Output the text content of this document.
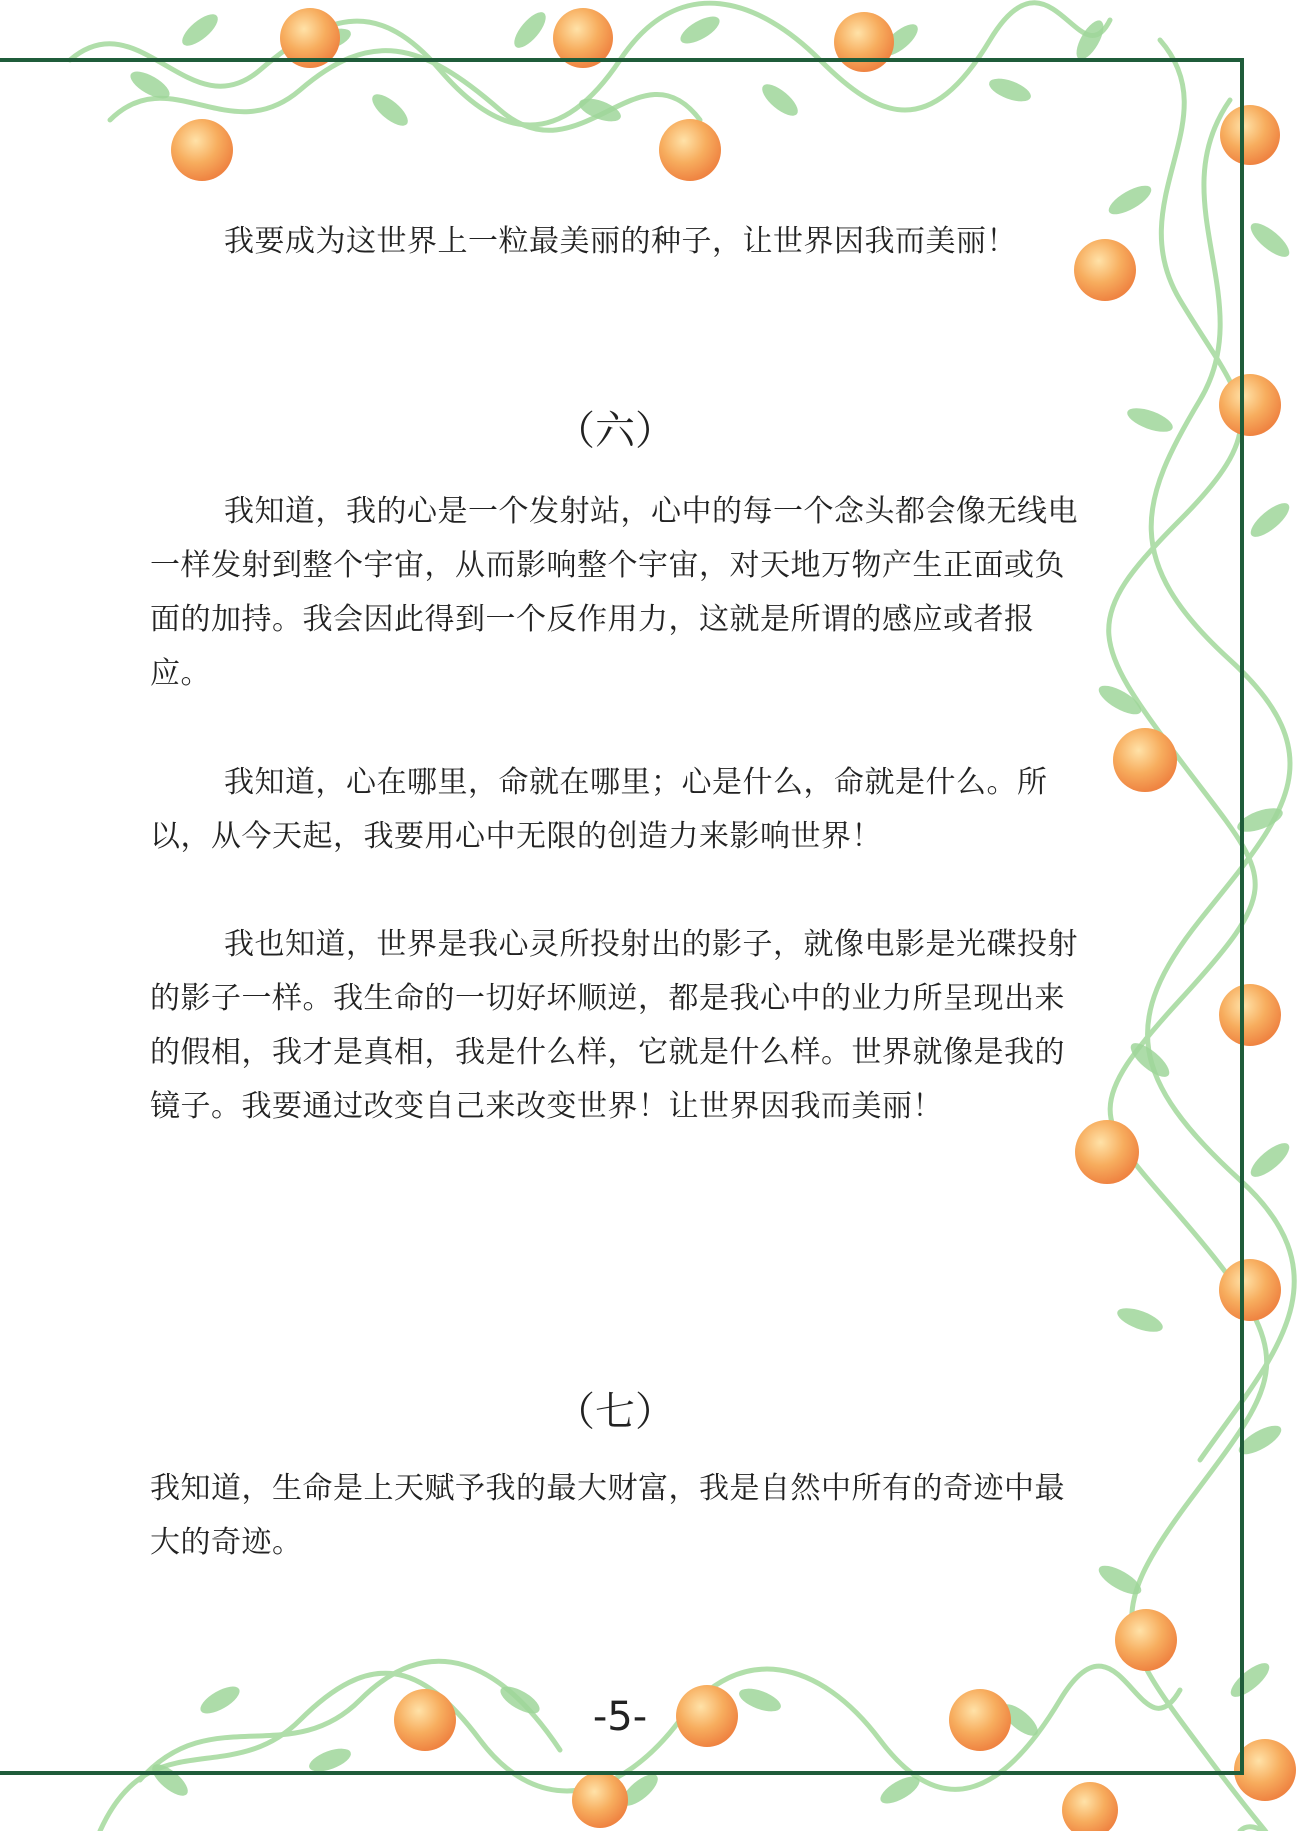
我要成为这世界上一粒最美丽的种子，让世界因我而美丽！

（六）

我知道，我的心是一个发射站，心中的每一个念头都会像无线电一样发射到整个宇宙，从而影响整个宇宙，对天地万物产生正面或负面的加持。我会因此得到一个反作用力，这就是所谓的感应或者报应。

我知道，心在哪里，命就在哪里；心是什么，命就是什么。所以，从今天起，我要用心中无限的创造力来影响世界！

我也知道，世界是我心灵所投射出的影子，就像电影是光碟投射的影子一样。我生命的一切好坏顺逆，都是我心中的业力所呈现出来的假相，我才是真相，我是什么样，它就是什么样。世界就像是我的镜子。我要通过改变自己来改变世界！让世界因我而美丽！

（七）

我知道，生命是上天赋予我的最大财富，我是自然中所有的奇迹中最大的奇迹。

-5-
